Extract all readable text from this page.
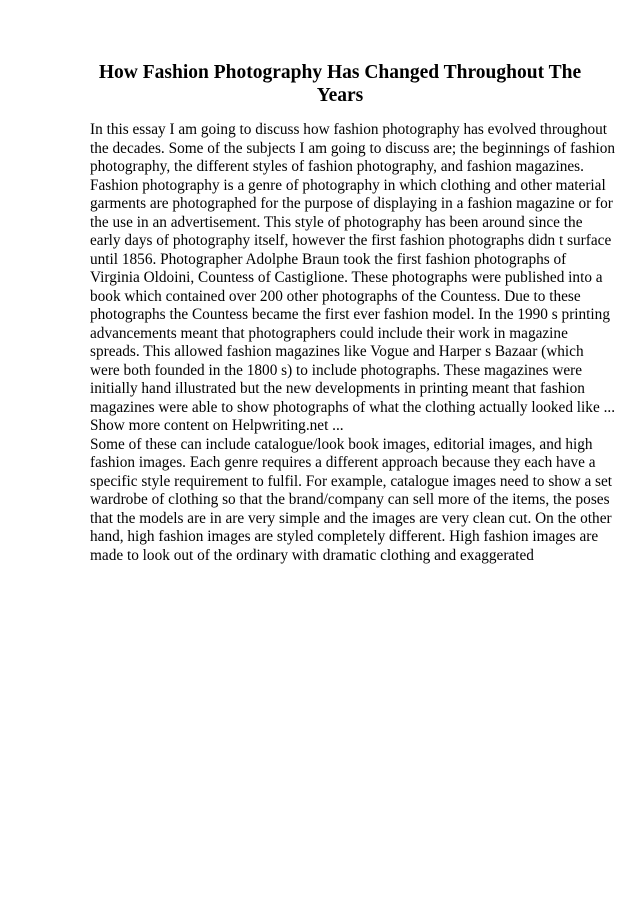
How Fashion Photography Has Changed Throughout The Years
In this essay I am going to discuss how fashion photography has evolved throughout
the decades. Some of the subjects I am going to discuss are; the beginnings of fashion
photography, the different styles of fashion photography, and fashion magazines.
Fashion photography is a genre of photography in which clothing and other material
garments are photographed for the purpose of displaying in a fashion magazine or for
the use in an advertisement. This style of photography has been around since the
early days of photography itself, however the first fashion photographs didn t surface
until 1856. Photographer Adolphe Braun took the first fashion photographs of
Virginia Oldoini, Countess of Castiglione. These photographs were published into a
book which contained over 200 other photographs of the Countess. Due to these
photographs the Countess became the first ever fashion model. In the 1990 s printing
advancements meant that photographers could include their work in magazine
spreads. This allowed fashion magazines like Vogue and Harper s Bazaar (which
were both founded in the 1800 s) to include photographs. These magazines were
initially hand illustrated but the new developments in printing meant that fashion
magazines were able to show photographs of what the clothing actually looked like ...
Show more content on Helpwriting.net ...
Some of these can include catalogue/look book images, editorial images, and high
fashion images. Each genre requires a different approach because they each have a
specific style requirement to fulfil. For example, catalogue images need to show a set
wardrobe of clothing so that the brand/company can sell more of the items, the poses
that the models are in are very simple and the images are very clean cut. On the other
hand, high fashion images are styled completely different. High fashion images are
made to look out of the ordinary with dramatic clothing and exaggerated
